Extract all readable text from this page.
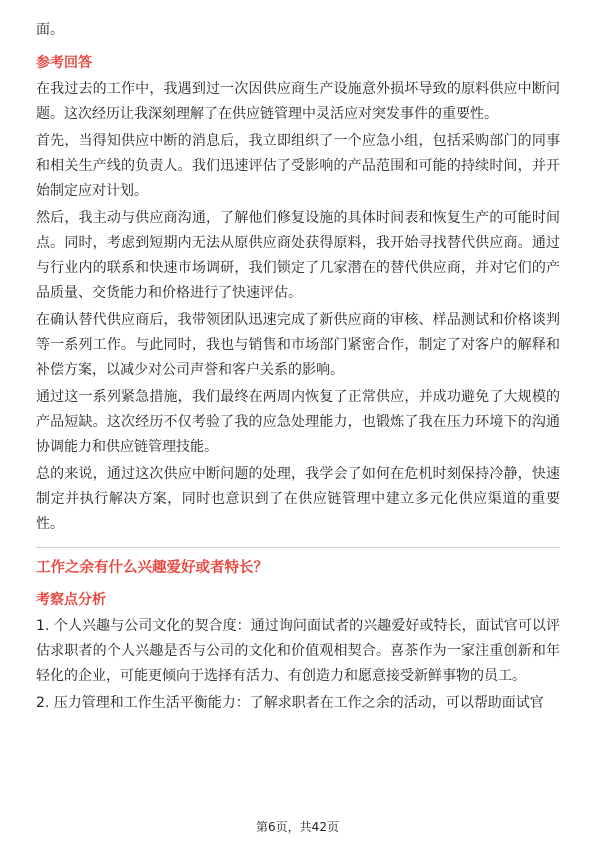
面。

参考回答

在我过去的工作中，我遇到过一次因供应商生产设施意外损坏导致的原料供应中断问题。这次经历让我深刻理解了在供应链管理中灵活应对突发事件的重要性。

首先，当得知供应中断的消息后，我立即组织了一个应急小组，包括采购部门的同事和相关生产线的负责人。我们迅速评估了受影响的产品范围和可能的持续时间，并开始制定应对计划。

然后，我主动与供应商沟通，了解他们修复设施的具体时间表和恢复生产的可能时间点。同时，考虑到短期内无法从原供应商处获得原料，我开始寻找替代供应商。通过与行业内的联系和快速市场调研，我们锁定了几家潜在的替代供应商，并对它们的产品质量、交货能力和价格进行了快速评估。

在确认替代供应商后，我带领团队迅速完成了新供应商的审核、样品测试和价格谈判等一系列工作。与此同时，我也与销售和市场部门紧密合作，制定了对客户的解释和补偿方案，以减少对公司声誉和客户关系的影响。

通过这一系列紧急措施，我们最终在两周内恢复了正常供应，并成功避免了大规模的产品短缺。这次经历不仅考验了我的应急处理能力，也锻炼了我在压力环境下的沟通协调能力和供应链管理技能。

总的来说，通过这次供应中断问题的处理，我学会了如何在危机时刻保持冷静，快速制定并执行解决方案，同时也意识到了在供应链管理中建立多元化供应渠道的重要性。

工作之余有什么兴趣爱好或者特长？
考察点分析

1. 个人兴趣与公司文化的契合度：通过询问面试者的兴趣爱好或特长，面试官可以评估求职者的个人兴趣是否与公司的文化和价值观相契合。喜茶作为一家注重创新和年轻化的企业，可能更倾向于选择有活力、有创造力和愿意接受新鲜事物的员工。

2. 压力管理和工作生活平衡能力：了解求职者在工作之余的活动，可以帮助面试官

第6页，共42页
